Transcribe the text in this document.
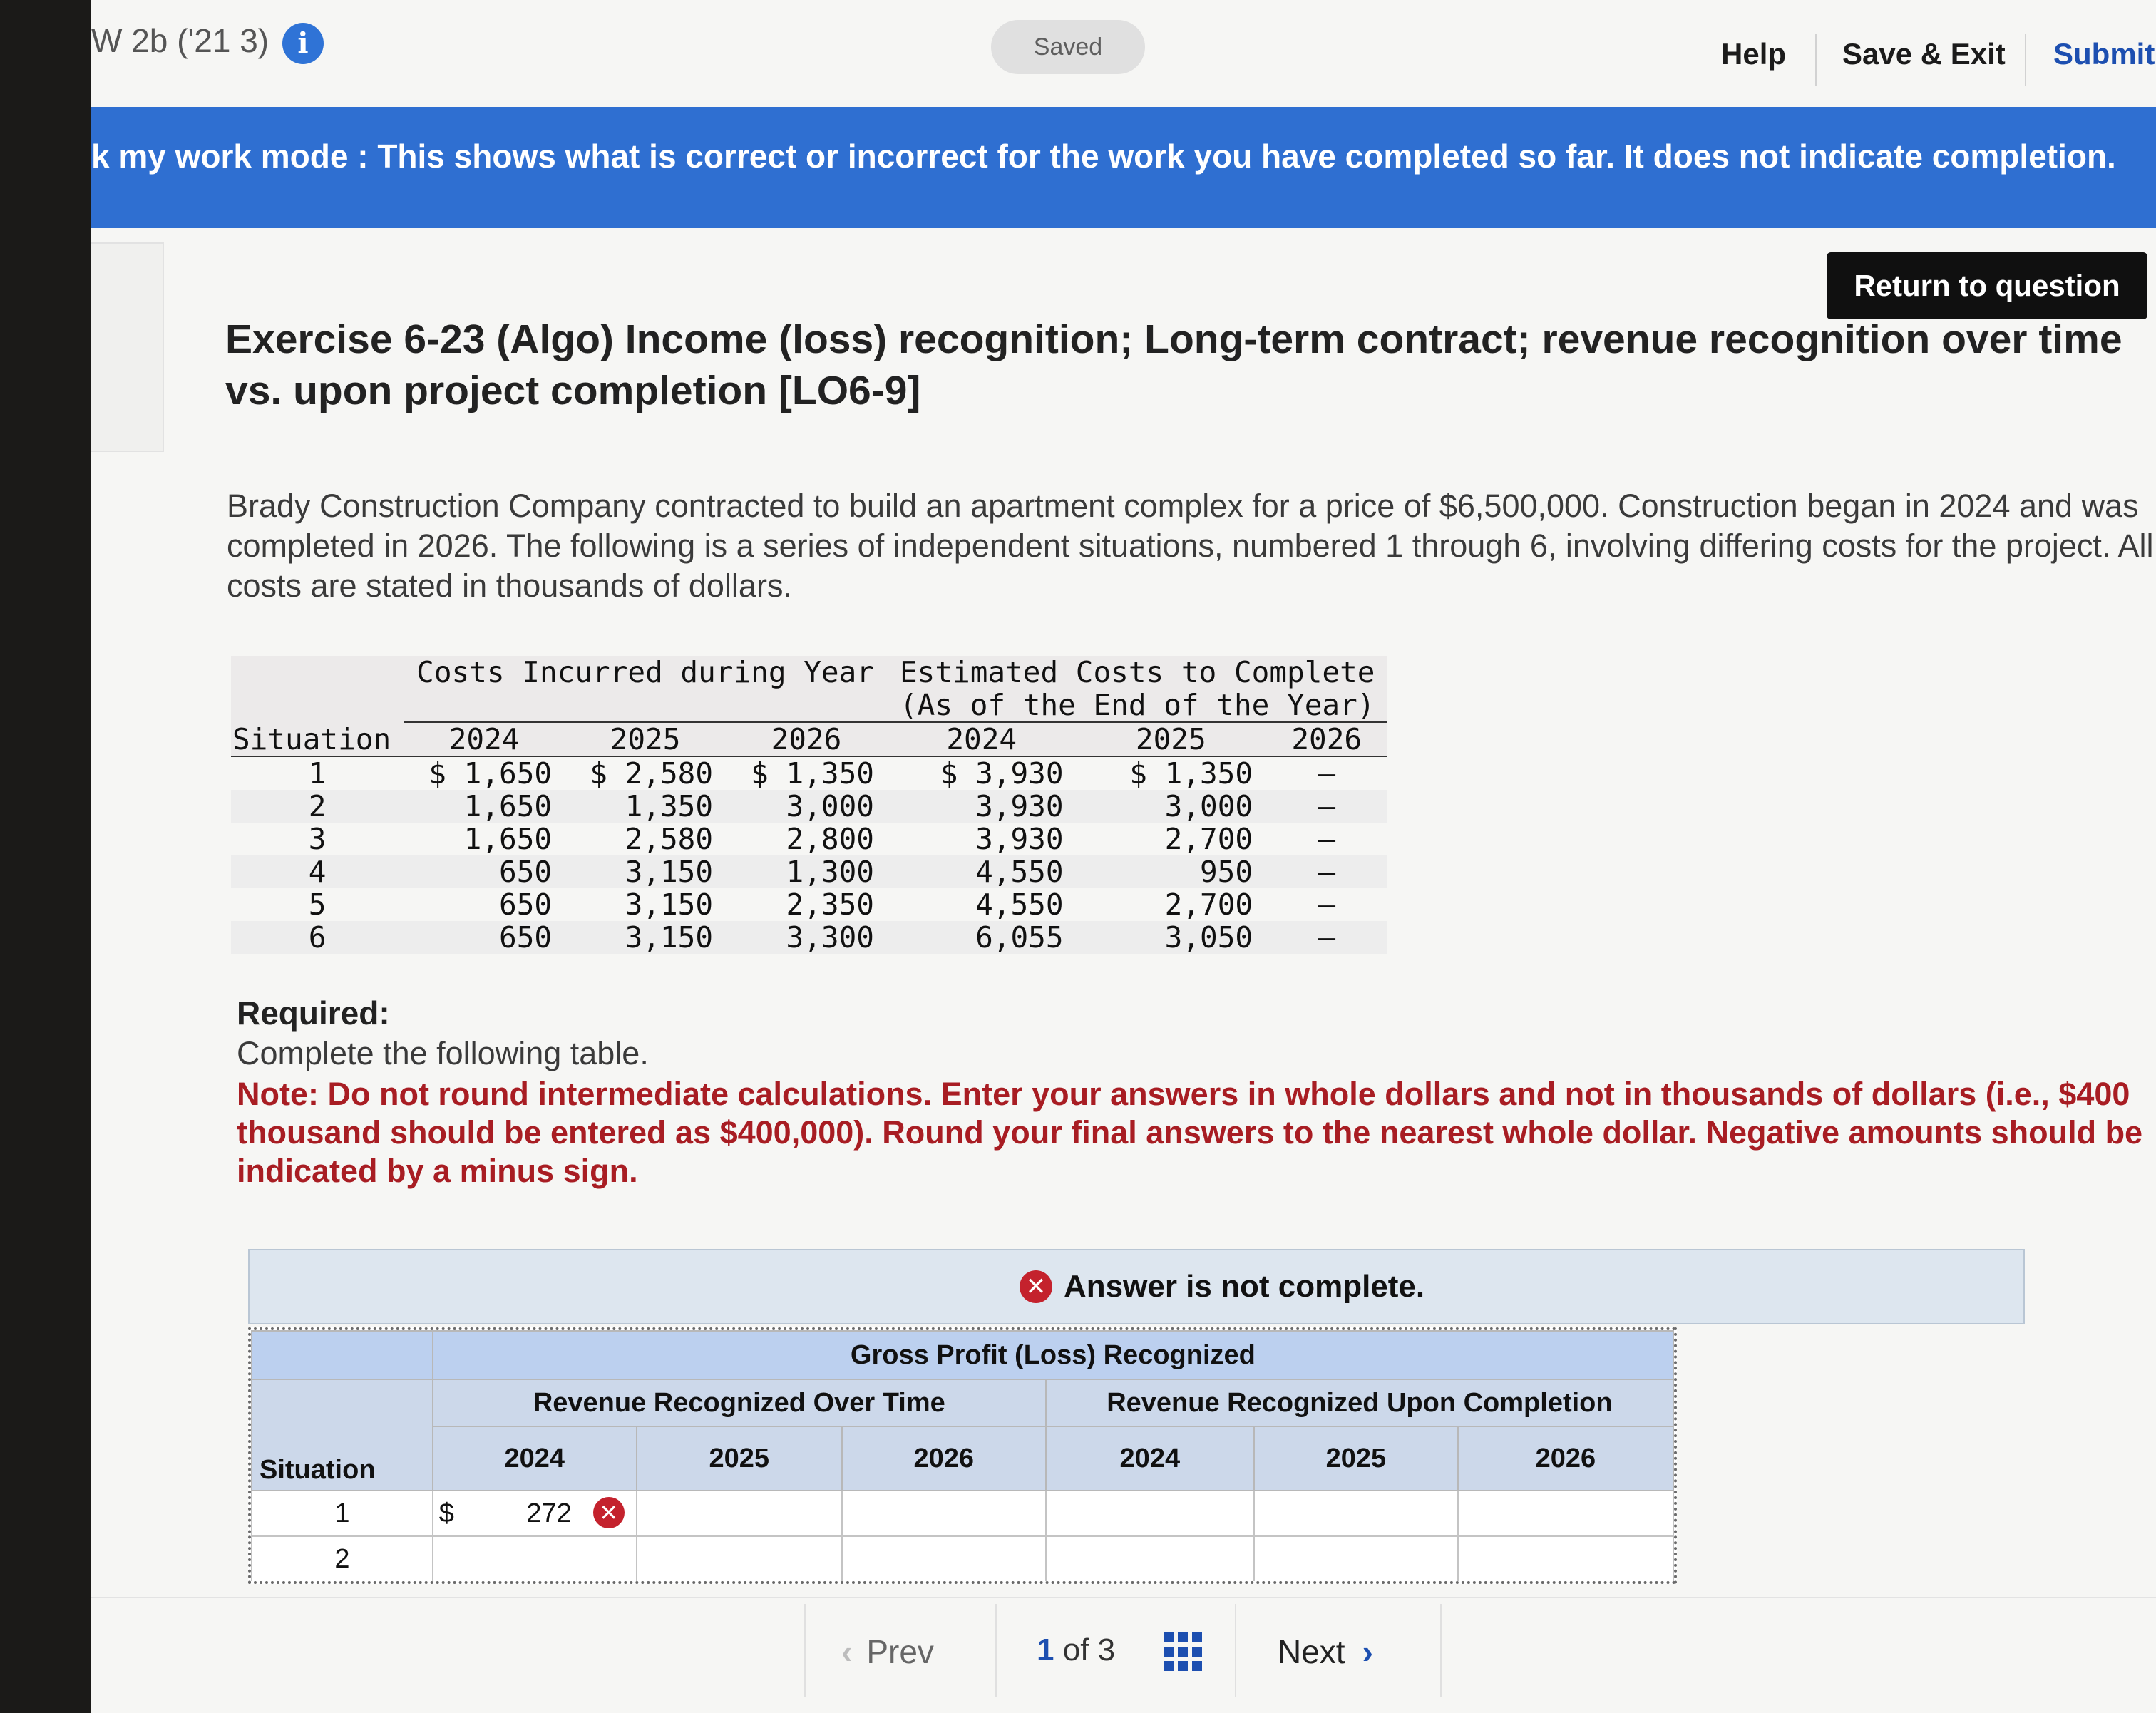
W 2b ('21 3)	i	Saved	Help Save & Exit Submit
k my work mode : This shows what is correct or incorrect for the work you have completed so far. It does not indicate completion.
Return to question
Exercise 6-23 (Algo) Income (loss) recognition; Long-term contract; revenue recognition over time vs. upon project completion [LO6-9]
Brady Construction Company contracted to build an apartment complex for a price of $6,500,000. Construction began in 2024 and was completed in 2026. The following is a series of independent situations, numbered 1 through 6, involving differing costs for the project. All costs are stated in thousands of dollars.
	Costs Incurred during Year			Estimated Costs to Complete		

				(As of the End of the Year)		
Situation	2024	2025	2026	2024	2025	2026
1	$ 1,650	$ 2,580	$ 1,350	$ 3,930	$ 1,350	–
2	1,650	1,350	3,000	3,930	3,000	–
3	1,650	2,580	2,800	3,930	2,700	–
4	650	3,150	1,300	4,550	950	–
5	650	3,150	2,350	4,550	2,700	–
6	650	3,150	3,300	6,055	3,050	–
Required:
Complete the following table.
Note: Do not round intermediate calculations. Enter your answers in whole dollars and not in thousands of dollars (i.e., $400 thousand should be entered as $400,000). Round your final answers to the nearest whole dollar. Negative amounts should be indicated by a minus sign.
✕ Answer is not complete.
	Gross Profit (Loss) Recognized					
Situation	Revenue Recognized Over Time			Revenue Recognized Upon Completion		
	2024	2025	2026	2024	2025	2026
1	$ 272 ✕					

2						
‹ Prev	1 of 3	Next ›
